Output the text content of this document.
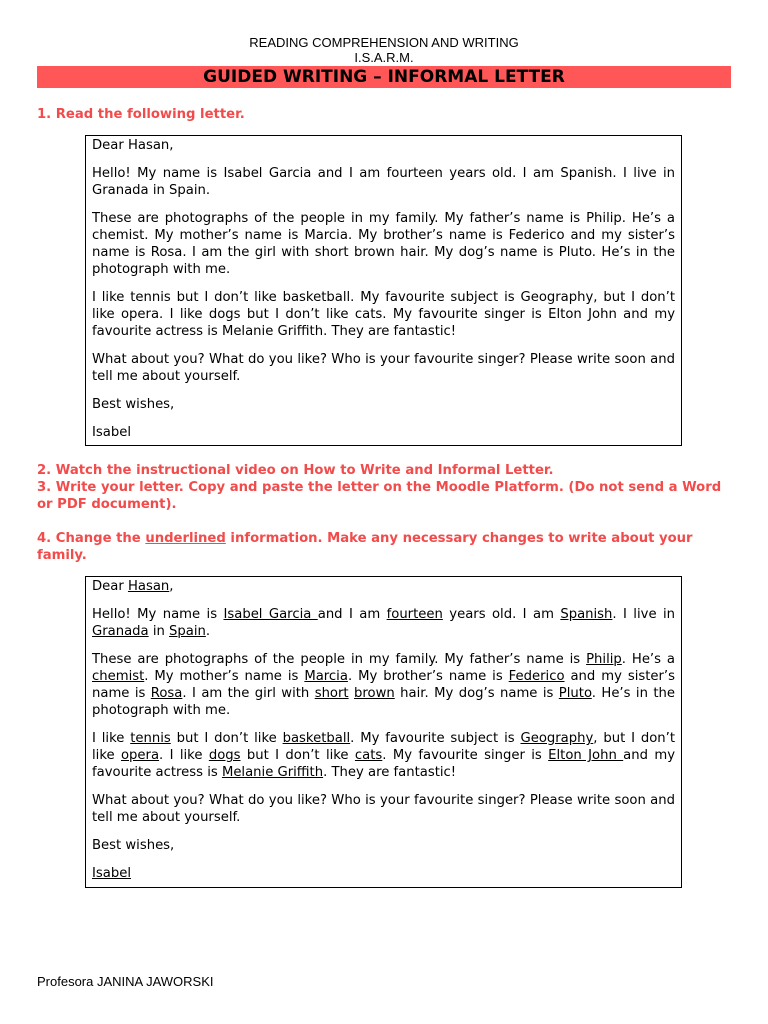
READING COMPREHENSION AND WRITING
I.S.A.R.M.
GUIDED WRITING – INFORMAL LETTER
1. Read the following letter.

Dear Hasan,

Hello! My name is Isabel Garcia and I am fourteen years old. I am Spanish. I live in Granada in Spain.

These are photographs of the people in my family. My father’s name is Philip. He’s a chemist. My mother’s name is Marcia. My brother’s name is Federico and my sister’s name is Rosa. I am the girl with short brown hair. My dog’s name is Pluto. He’s in the photograph with me.

I like tennis but I don’t like basketball. My favourite subject is Geography, but I don’t like opera. I like dogs but I don’t like cats. My favourite singer is Elton John and my favourite actress is Melanie Griffith. They are fantastic!

What about you? What do you like? Who is your favourite singer? Please write soon and tell me about yourself.

Best wishes,

Isabel

2. Watch the instructional video on How to Write and Informal Letter.
3. Write your letter. Copy and paste the letter on the Moodle Platform. (Do not send a Word or PDF document).
4. Change the underlined information. Make any necessary changes to write about your family.

Dear Hasan,

Hello! My name is Isabel Garcia and I am fourteen years old. I am Spanish. I live in Granada in Spain.

These are photographs of the people in my family. My father’s name is Philip. He’s a chemist. My mother’s name is Marcia. My brother’s name is Federico and my sister’s name is Rosa. I am the girl with short brown hair. My dog’s name is Pluto. He’s in the photograph with me.

I like tennis but I don’t like basketball. My favourite subject is Geography, but I don’t like opera. I like dogs but I don’t like cats. My favourite singer is Elton John and my favourite actress is Melanie Griffith. They are fantastic!

What about you? What do you like? Who is your favourite singer? Please write soon and tell me about yourself.

Best wishes,

Isabel

Profesora JANINA JAWORSKI
